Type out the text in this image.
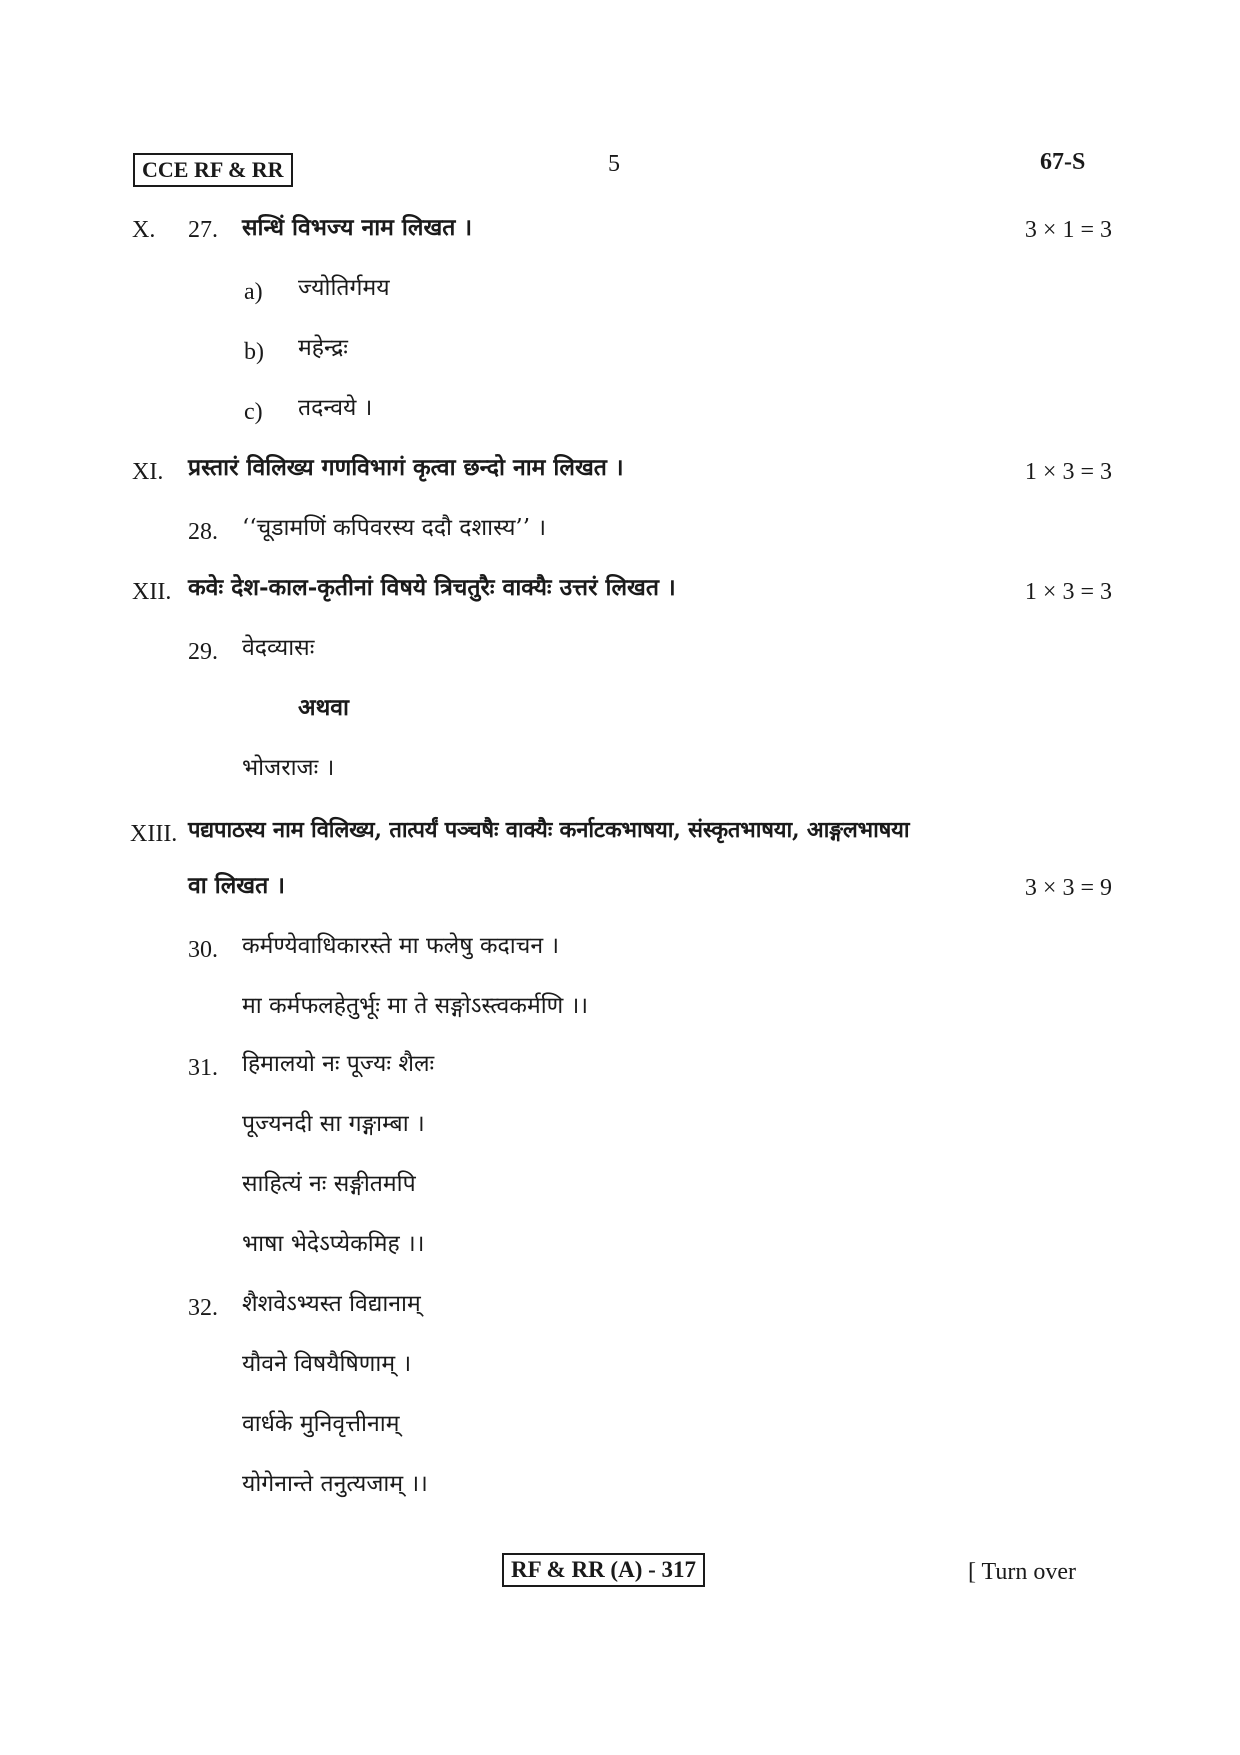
CCE RF & RR	5	67-S
X. 27. सन्धिं विभज्य नाम लिखत ।	3 × 1 = 3
a) ज्योतिर्गमय
b) महेन्द्रः
c) तदन्वये ।
XI. प्रस्तारं विलिख्य गणविभागं कृत्वा छन्दो नाम लिखत ।	1 × 3 = 3
28. ‘‘चूडामणिं कपिवरस्य ददौ दशास्य’’ ।
XII. कवेः देश-काल-कृतीनां विषये त्रिचतुरैः वाक्यैः उत्तरं लिखत ।	1 × 3 = 3
29. वेदव्यासः
अथवा
भोजराजः ।
XIII. पद्यपाठस्य नाम विलिख्य, तात्पर्यं पञ्चषैः वाक्यैः कर्नाटकभाषया, संस्कृतभाषया, आङ्गलभाषया
वा लिखत ।	3 × 3 = 9
30. कर्मण्येवाधिकारस्ते मा फलेषु कदाचन ।
मा कर्मफलहेतुर्भूः मा ते सङ्गोऽस्त्वकर्मणि ।।
31. हिमालयो नः पूज्यः शैलः
पूज्यनदी सा गङ्गाम्बा ।
साहित्यं नः सङ्गीतमपि
भाषा भेदेऽप्येकमिह ।।
32. शैशवेऽभ्यस्त विद्यानाम्
यौवने विषयैषिणाम् ।
वार्धके मुनिवृत्तीनाम्
योगेनान्ते तनुत्यजाम् ।।
RF & RR (A) - 317	[ Turn over
